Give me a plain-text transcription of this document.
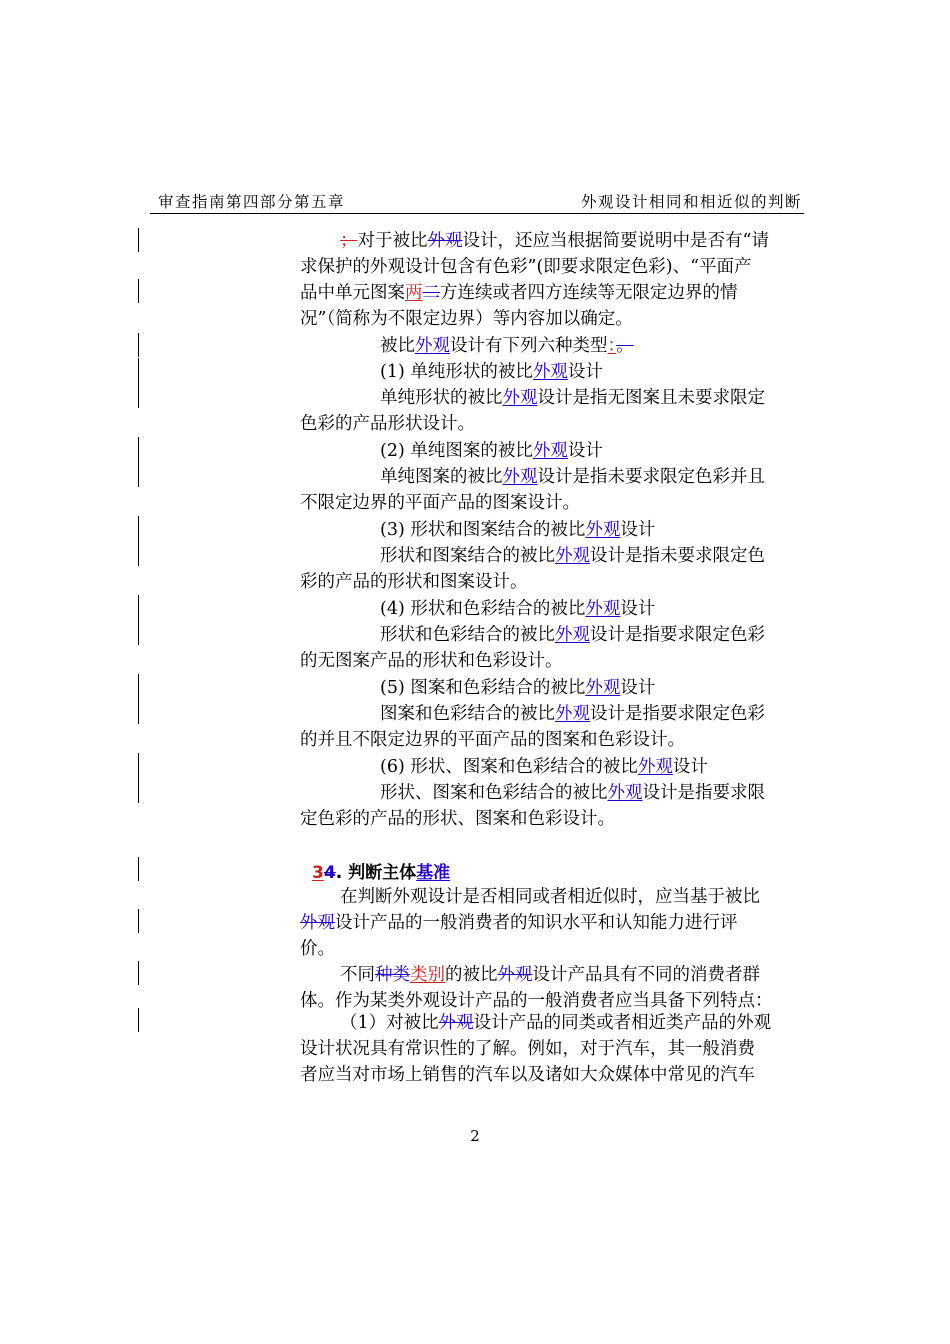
审查指南第四部分第五章	外观设计相同和相近似的判断
；对于被比外观设计，还应当根据简要说明中是否有“请
求保护的外观设计包含有色彩”(即要求限定色彩)、“平面产
品中单元图案两二方连续或者四方连续等无限定边界的情
况”（简称为不限定边界）等内容加以确定。
被比外观设计有下列六种类型：。
(1) 单纯形状的被比外观设计
单纯形状的被比外观设计是指无图案且未要求限定
色彩的产品形状设计。
(2) 单纯图案的被比外观设计
单纯图案的被比外观设计是指未要求限定色彩并且
不限定边界的平面产品的图案设计。
(3) 形状和图案结合的被比外观设计
形状和图案结合的被比外观设计是指未要求限定色
彩的产品的形状和图案设计。
(4) 形状和色彩结合的被比外观设计
形状和色彩结合的被比外观设计是指要求限定色彩
的无图案产品的形状和色彩设计。
(5) 图案和色彩结合的被比外观设计
图案和色彩结合的被比外观设计是指要求限定色彩
的并且不限定边界的平面产品的图案和色彩设计。
(6) 形状、图案和色彩结合的被比外观设计
形状、图案和色彩结合的被比外观设计是指要求限
定色彩的产品的形状、图案和色彩设计。
34. 判断主体基准
在判断外观设计是否相同或者相近似时，应当基于被比
外观设计产品的一般消费者的知识水平和认知能力进行评
价。
不同种类类别的被比外观设计产品具有不同的消费者群
体。作为某类外观设计产品的一般消费者应当具备下列特点：
（1）对被比外观设计产品的同类或者相近类产品的外观
设计状况具有常识性的了解。例如，对于汽车，其一般消费
者应当对市场上销售的汽车以及诸如大众媒体中常见的汽车
2
